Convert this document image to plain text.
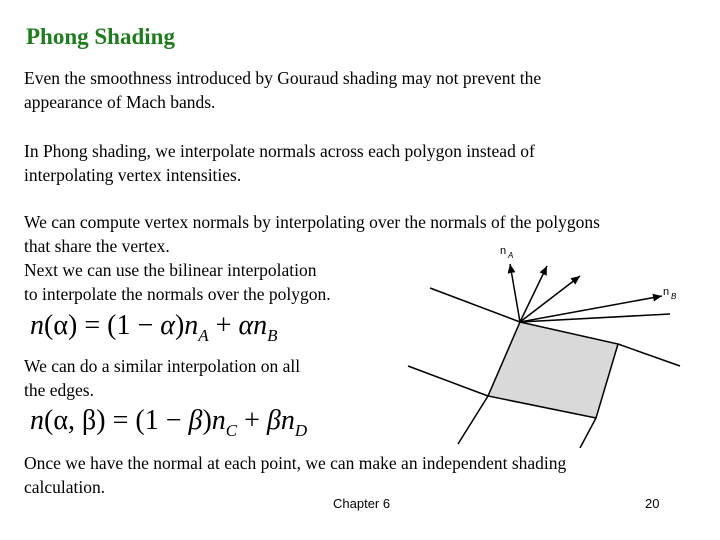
Phong Shading
Even the smoothness introduced by Gouraud shading may not prevent the
appearance of Mach bands.
In Phong shading, we interpolate normals across each polygon instead of
interpolating vertex intensities.
We can compute vertex normals by interpolating over the normals of the polygons
that share the vertex.
Next we can use the bilinear interpolation
to interpolate the normals over the polygon.
$n(\alpha) = (1 - \alpha)n_A + \alpha n_B$
We can do a similar interpolation on all
the edges.
n(α, $\beta) = (1 - \beta)n_C + \beta n_D$
Once we have the normal at each point, we can make an independent shading
calculation.
n A
n B
Chapter 6	20
